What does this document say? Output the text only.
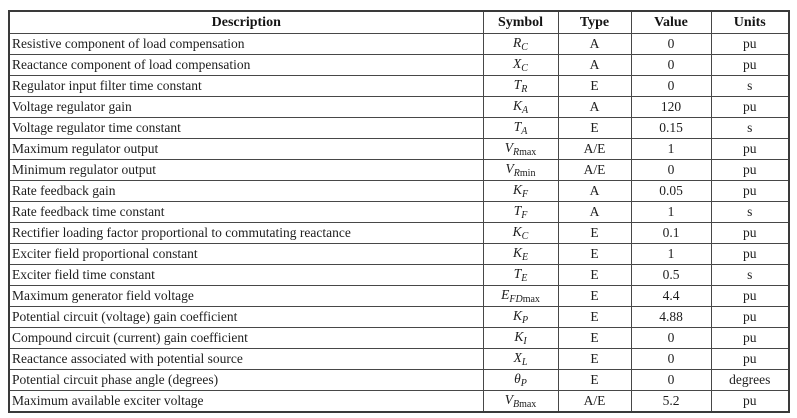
Description	Symbol	Type	Value	Units
Resistive component of load compensation	$R_C$	A	0	pu
Reactance component of load compensation	$X_C$	A	0	pu
Regulator input filter time constant	$T_R$	E	0	s
Voltage regulator gain	$K_A$	A	120	pu
Voltage regulator time constant	$T_A$	E	0.15	s
Maximum regulator output	$V_{Rmax}$	A/E	1	pu
Minimum regulator output	$V_{Rmin}$	A/E	0	pu
Rate feedback gain	$K_F$	A	0.05	pu
Rate feedback time constant	$T_F$	A	1	s
Rectifier loading factor proportional to commutating reactance	$K_C$	E	0.1	pu
Exciter field proportional constant	$K_E$	E	1	pu
Exciter field time constant	$T_E$	E	0.5	s
Maximum generator field voltage	$E_{FDmax}$	E	4.4	pu
Potential circuit (voltage) gain coefficient	$K_P$	E	4.88	pu
Compound circuit (current) gain coefficient	$K_I$	E	0	pu
Reactance associated with potential source	$X_L$	E	0	pu
Potential circuit phase angle (degrees)	$\theta_P$	E	0	degrees
Maximum available exciter voltage	$V_{Bmax}$	A/E	5.2	pu
